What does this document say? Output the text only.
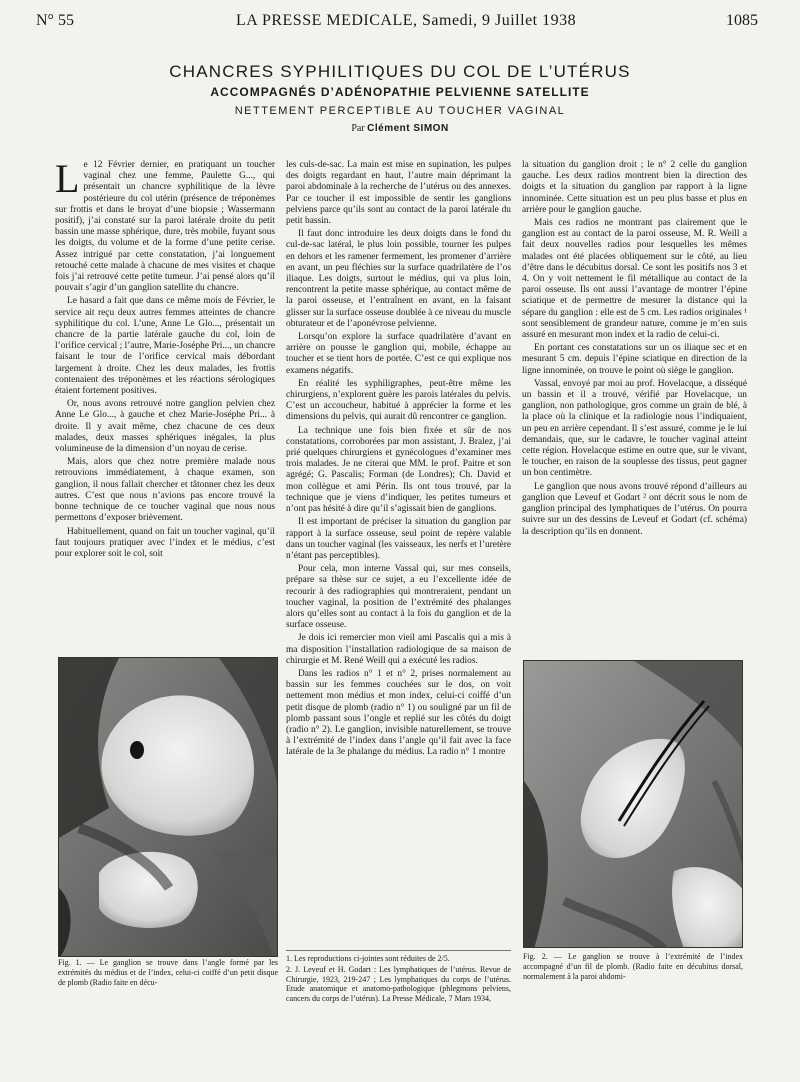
N° 55	LA PRESSE MEDICALE, Samedi, 9 Juillet 1938	1085
CHANCRES SYPHILITIQUES DU COL DE L’UTÉRUS
ACCOMPAGNÉS D’ADÉNOPATHIE PELVIENNE SATELLITE
NETTEMENT PERCEPTIBLE AU TOUCHER VAGINAL
Par Clément SIMON

Le 12 Février dernier, en pratiquant un toucher vaginal chez une femme, Paulette G..., qui présentait un chancre syphilitique de la lèvre postérieure du col utérin (présence de tréponèmes sur frottis et dans le broyat d’une biopsie ; Wassermann positif), j’ai constaté sur la paroi latérale droite du petit bassin une masse sphérique, dure, très mobile, fuyant sous les doigts, du volume et de la forme d’une petite cerise. Assez intrigué par cette constatation, j’ai longuement retouché cette malade à chacune de mes visites et chaque fois j’ai retrouvé cette petite tumeur. J’ai pensé alors qu’il pouvait s’agir d’un ganglion satellite du chancre.

Le hasard a fait que dans ce même mois de Février, le service ait reçu deux autres femmes atteintes de chancre syphilitique du col. L’une, Anne Le Glo..., présentait un chancre de la partie latérale gauche du col, loin de l’orifice cervical ; l’autre, Marie-Joséphe Pri..., un chancre faisant le tour de l’orifice cervical mais débordant largement à droite. Chez les deux malades, les frottis contenaient des tréponèmes et les réactions sérologiques étaient fortement positives.

Or, nous avons retrouvé notre ganglion pelvien chez Anne Le Glo..., à gauche et chez Marie-Joséphe Pri... à droite. Il y avait même, chez chacune de ces deux malades, deux masses sphériques inégales, la plus volumineuse de la dimension d’un noyau de cerise.

Mais, alors que chez notre première malade nous retrouvions immédiatement, à chaque examen, son ganglion, il nous fallait chercher et tâtonner chez les deux autres. C’est que nous n’avions pas encore trouvé la bonne technique de ce toucher vaginal que nous nous permettons d’exposer brièvement.

Habituellement, quand on fait un toucher vaginal, qu’il faut toujours pratiquer avec l’index et le médius, c’est pour explorer soit le col, soit

les culs-de-sac. La main est mise en supination, les pulpes des doigts regardant en haut, l’autre main déprimant la paroi abdominale à la recherche de l’utérus ou des annexes. Par ce toucher il est impossible de sentir les ganglions pelviens parce qu’ils sont au contact de la paroi latérale du petit bassin.

Il faut donc introduire les deux doigts dans le fond du cul-de-sac latéral, le plus loin possible, tourner les pulpes en dehors et les ramener fermement, les promener d’arrière en avant, un peu fléchies sur la surface quadrilatère de l’os iliaque. Les doigts, surtout le médius, qui va plus loin, rencontrent la petite masse sphérique, au contact même de la paroi osseuse, et l’entraînent en avant, en la faisant glisser sur la surface osseuse doublée à ce niveau du muscle obturateur et de l’aponévrose pelvienne.

Lorsqu’on explore la surface quadrilatère d’avant en arrière on pousse le ganglion qui, mobile, échappe au toucher et se tient hors de portée. C’est ce qui explique nos examens négatifs.

En réalité les syphiligraphes, peut-être même les chirurgiens, n’explorent guère les parois latérales du pelvis. C’est un accoucheur, habitué à apprécier la forme et les dimensions du pelvis, qui aurait dû rencontrer ce ganglion.

La technique une fois bien fixée et sûr de nos constatations, corroborées par mon assistant, J. Bralez, j’ai prié quelques chirurgiens et gynécologues d’examiner mes trois malades. Je ne citerai que MM. le prof. Paitre et son agrégé; G. Pascalis; Forman (de Londres); Ch. David et mon collègue et ami Périn. Ils ont tous trouvé, par la technique que je viens d’indiquer, les petites tumeurs et n’ont pas hésité à dire qu’il s’agissait bien de ganglions.

Il est important de préciser la situation du ganglion par rapport à la surface osseuse, seul point de repère valable dans un toucher vaginal (les vaisseaux, les nerfs et l’uretère n’étant pas perceptibles).

Pour cela, mon interne Vassal qui, sur mes conseils, prépare sa thèse sur ce sujet, a eu l’excellente idée de recourir à des radiographies qui montreraient, pendant un toucher vaginal, la position de l’extrémité des phalanges alors qu’elles sont au contact à la fois du ganglion et de la surface osseuse.

Je dois ici remercier mon vieil ami Pascalis qui a mis à ma disposition l’installation radiologique de sa maison de chirurgie et M. René Weill qui a exécuté les radios.

Dans les radios n° 1 et n° 2, prises normalement au bassin sur les femmes couchées sur le dos, on voit nettement mon médius et mon index, celui-ci coiffé d’un petit disque de plomb (radio n° 1) ou souligné par un fil de plomb passant sous l’ongle et replié sur les côtés du doigt (radio n° 2). Le ganglion, invisible naturellement, se trouve à l’extrémité de l’index dans l’angle qu’il fait avec la face latérale de la 3e phalange du médius. La radio n° 1 montre

la situation du ganglion droit ; le n° 2 celle du ganglion gauche. Les deux radios montrent bien la direction des doigts et la situation du ganglion par rapport à la ligne innominée. Cette situation est un peu plus basse et plus en arrière pour le ganglion gauche.

Mais ces radios ne montrant pas clairement que le ganglion est au contact de la paroi osseuse, M. R. Weill a fait deux nouvelles radios pour lesquelles les mêmes malades ont été placées obliquement sur le côté, au lieu d’être dans le décubitus dorsal. Ce sont les positifs nos 3 et 4. On y voit nettement le fil métallique au contact de la paroi osseuse. Ils ont aussi l’avantage de montrer l’épine sciatique et de permettre de mesurer la distance qui la sépare du ganglion : elle est de 5 cm. Les radios originales ¹ sont sensiblement de grandeur nature, comme je m’en suis assuré en mesurant mon index et la radio de celui-ci.

En portant ces constatations sur un os iliaque sec et en mesurant 5 cm. depuis l’épine sciatique en direction de la ligne innominée, on trouve le point où siège le ganglion.

Vassal, envoyé par moi au prof. Hovelacque, a disséqué un bassin et il a trouvé, vérifié par Hovelacque, un ganglion, non pathologique, gros comme un grain de blé, à la place où la clinique et la radiologie nous l’indiquaient, un peu en arrière cependant. Il s’est assuré, comme je le lui demandais, que, sur le cadavre, le toucher vaginal atteint cette région. Hovelacque estime en outre que, sur le vivant, le toucher, en raison de la souplesse des tissus, peut gagner un bon centimètre.

Le ganglion que nous avons trouvé répond d’ailleurs au ganglion que Leveuf et Godart ² ont décrit sous le nom de ganglion principal des lymphatiques de l’utérus. On pourra suivre sur un des dessins de Leveuf et Godart (cf. schéma) la description qu’ils en donnent.

Fig. 1. — Le ganglion se trouve dans l’angle formé par les extrémités du médius et de l’index, celui-ci coiffé d’un petit disque de plomb (Radio faite en décu-

1. Les reproductions ci-jointes sont réduites de 2/5.

2. J. Leveuf et H. Godart : Les lymphatiques de l’utérus. Revue de Chirurgie, 1923, 219-247 ; Les lymphatiques du corps de l’utérus. Etude anatomique et anatomo-pathologique (phlegmons pelviens, cancers du corps de l’utérus). La Presse Médicale, 7 Mars 1934,

Fig. 2. — Le ganglion se trouve à l’extrémité de l’index accompagné d’un fil de plomb. (Radio faite en décubitus dorsal, normalement à la paroi abdomi-
